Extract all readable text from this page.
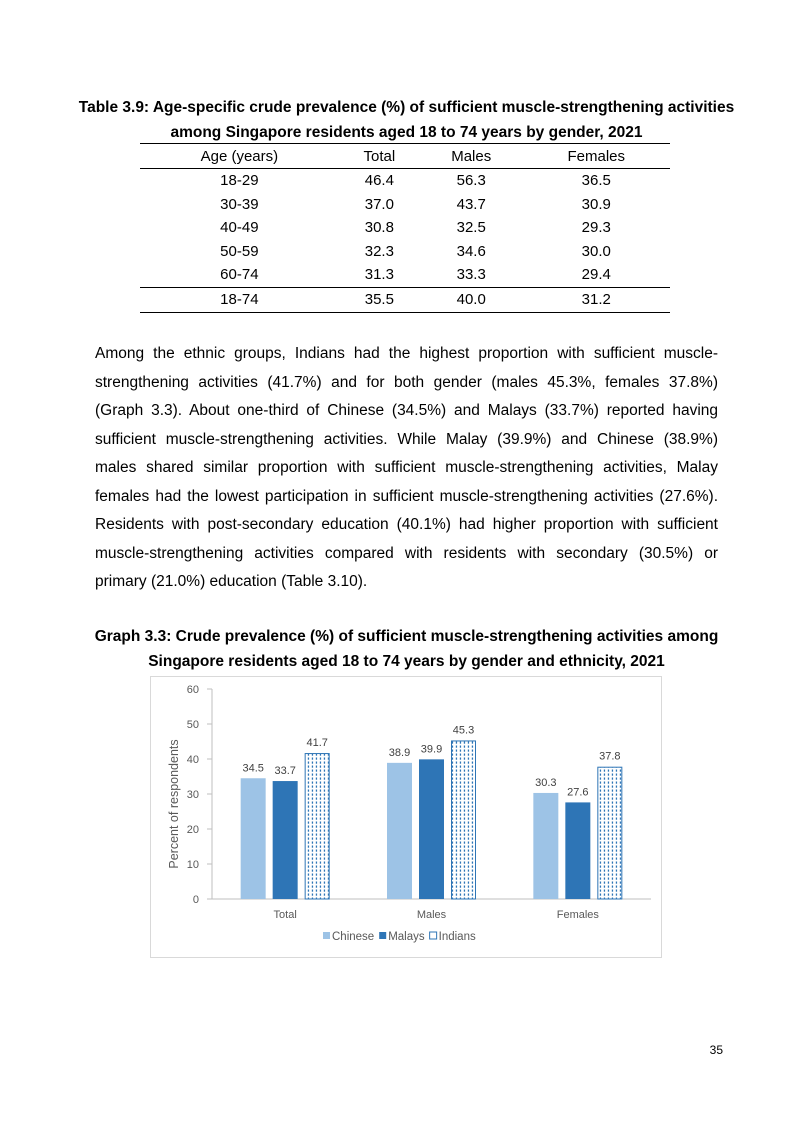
Table 3.9: Age-specific crude prevalence (%) of sufficient muscle-strengthening activities among Singapore residents aged 18 to 74 years by gender, 2021
Age (years)	Total	Males	Females
18-29	46.4	56.3	36.5
30-39	37.0	43.7	30.9
40-49	30.8	32.5	29.3
50-59	32.3	34.6	30.0
60-74	31.3	33.3	29.4
18-74	35.5	40.0	31.2

Among the ethnic groups, Indians had the highest proportion with sufficient muscle-strengthening activities (41.7%) and for both gender (males 45.3%, females 37.8%) (Graph 3.3). About one-third of Chinese (34.5%) and Malays (33.7%) reported having sufficient muscle-strengthening activities. While Malay (39.9%) and Chinese (38.9%) males shared similar proportion with sufficient muscle-strengthening activities, Malay females had the lowest participation in sufficient muscle-strengthening activities (27.6%). Residents with post-secondary education (40.1%) had higher proportion with sufficient muscle-strengthening activities compared with residents with secondary (30.5%) or primary (21.0%) education (Table 3.10).

Graph 3.3: Crude prevalence (%) of sufficient muscle-strengthening activities among Singapore residents aged 18 to 74 years by gender and ethnicity, 2021
0
10
20
30
40
50
60
Percent of respondents	34.5 33.7
41.7
Total
38.9 39.9
45.3
Males
30.3
27.6
37.8
Females
Chinese Malays Indians
35
